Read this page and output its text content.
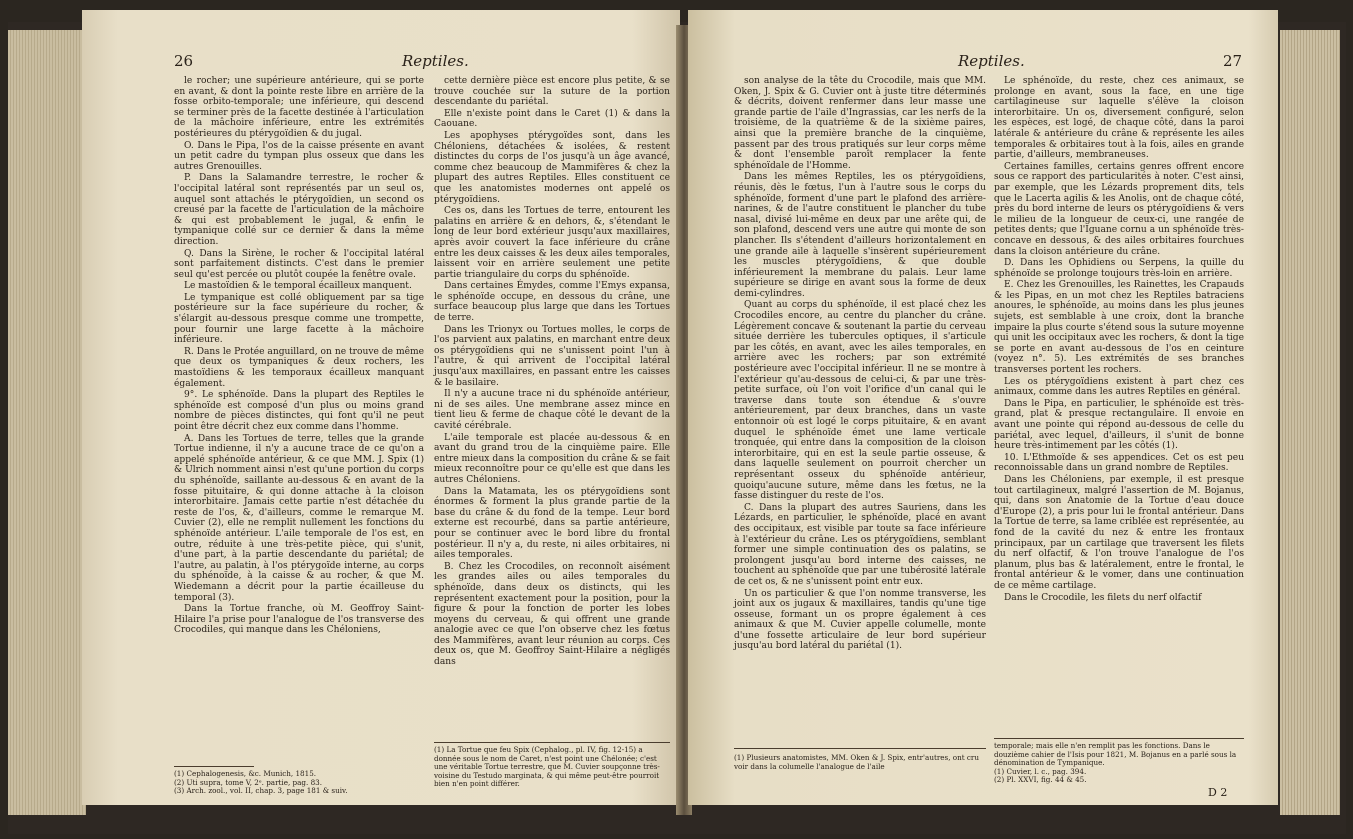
26	Reptiles.

le rocher; une supérieure antérieure, qui se porte en avant, & dont la pointe reste libre en arrière de la fosse orbito-temporale; une inférieure, qui descend se terminer près de la facette destinée à l'articulation de la mâchoire inférieure, entre les extrémités postérieures du ptérygoïdien & du jugal.

O. Dans le Pipa, l'os de la caisse présente en avant un petit cadre du tympan plus osseux que dans les autres Grenouilles.

P. Dans la Salamandre terrestre, le rocher & l'occipital latéral sont représentés par un seul os, auquel sont attachés le ptérygoïdien, un second os creusé par la facette de l'articulation de la mâchoire & qui est probablement le jugal, & enfin le tympanique collé sur ce dernier & dans la même direction.

Q. Dans la Sirène, le rocher & l'occipital latéral sont parfaitement distincts. C'est dans le premier seul qu'est percée ou plutôt coupée la fenêtre ovale.

Le mastoïdien & le temporal écailleux manquent.

Le tympanique est collé obliquement par sa tige postérieure sur la face supérieure du rocher, & s'élargit au-dessous presque comme une trompette, pour fournir une large facette à la mâchoire inférieure.

R. Dans le Protée anguillard, on ne trouve de même que deux os tympaniques & deux rochers, les mastoïdiens & les temporaux écailleux manquant également.

9°. Le sphénoïde. Dans la plupart des Reptiles le sphénoïde est composé d'un plus ou moins grand nombre de pièces distinctes, qui font qu'il ne peut point être décrit chez eux comme dans l'homme.

A. Dans les Tortues de terre, telles que la grande Tortue indienne, il n'y a aucune trace de ce qu'on a appelé sphénoïde antérieur, & ce que MM. J. Spix (1) & Ulrich nomment ainsi n'est qu'une portion du corps du sphénoïde, saillante au-dessous & en avant de la fosse pituitaire, & qui donne attache à la cloison interorbitaire. Jamais cette partie n'est détachée du reste de l'os, &, d'ailleurs, comme le remarque M. Cuvier (2), elle ne remplit nullement les fonctions du sphénoïde antérieur. L'aile temporale de l'os est, en outre, réduite à une très-petite pièce, qui s'unit, d'une part, à la partie descendante du pariétal; de l'autre, au palatin, à l'os ptérygoïde interne, au corps du sphénoïde, à la caisse & au rocher, & que M. Wiedemann a décrit pour la partie écailleuse du temporal (3).

Dans la Tortue franche, où M. Geoffroy Saint-Hilaire l'a prise pour l'analogue de l'os transverse des Crocodiles, qui manque dans les Chéloniens,

(1) Cephalogenesis, &c. Munich, 1815.

(2) Uti supra, tome V, 2ᵉ. partie, pag. 83.

(3) Arch. zool., vol. II, chap. 3, page 181 & suiv.

cette dernière pièce est encore plus petite, & se trouve couchée sur la suture de la portion descendante du pariétal.

Elle n'existe point dans le Caret (1) & dans la Caouane.

Les apophyses ptérygoïdes sont, dans les Chéloniens, détachées & isolées, & restent distinctes du corps de l'os jusqu'à un âge avancé, comme chez beaucoup de Mammifères & chez la plupart des autres Reptiles. Elles constituent ce que les anatomistes modernes ont appelé os ptérygoïdiens.

Ces os, dans les Tortues de terre, entourent les palatins en arrière & en dehors, &, s'étendant le long de leur bord extérieur jusqu'aux maxillaires, après avoir couvert la face inférieure du crâne entre les deux caisses & les deux ailes temporales, laissent voir en arrière seulement une petite partie triangulaire du corps du sphénoïde.

Dans certaines Émydes, comme l'Emys expansa, le sphénoïde occupe, en dessous du crâne, une surface beaucoup plus large que dans les Tortues de terre.

Dans les Trionyx ou Tortues molles, le corps de l'os parvient aux palatins, en marchant entre deux os ptérygoïdiens qui ne s'unissent point l'un à l'autre, & qui arrivent de l'occipital latéral jusqu'aux maxillaires, en passant entre les caisses & le basilaire.

Il n'y a aucune trace ni du sphénoïde antérieur, ni de ses ailes. Une membrane assez mince en tient lieu & ferme de chaque côté le devant de la cavité cérébrale.

L'aile temporale est placée au-dessous & en avant du grand trou de la cinquième paire. Elle entre mieux dans la composition du crâne & se fait mieux reconnoître pour ce qu'elle est que dans les autres Chéloniens.

Dans la Matamata, les os ptérygoïdiens sont énormes & forment la plus grande partie de la base du crâne & du fond de la tempe. Leur bord externe est recourbé, dans sa partie antérieure, pour se continuer avec le bord libre du frontal postérieur. Il n'y a, du reste, ni ailes orbitaires, ni ailes temporales.

B. Chez les Crocodiles, on reconnoît aisément les grandes ailes ou ailes temporales du sphénoïde, dans deux os distincts, qui les représentent exactement pour la position, pour la figure & pour la fonction de porter les lobes moyens du cerveau, & qui offrent une grande analogie avec ce que l'on observe chez les fœtus des Mammifères, avant leur réunion au corps. Ces deux os, que M. Geoffroy Saint-Hilaire a négligés dans

(1) La Tortue que feu Spix (Cephalog., pl. IV, fig. 12-15) a donnée sous le nom de Caret, n'est point une Chélonée; c'est une véritable Tortue terrestre, que M. Cuvier soupçonne très-voisine du Testudo marginata, & qui même peut-être pourroit bien n'en point différer.

Reptiles.	27

son analyse de la tête du Crocodile, mais que MM. Oken, J. Spix & G. Cuvier ont à juste titre déterminés & décrits, doivent renfermer dans leur masse une grande partie de l'aile d'Ingrassias, car les nerfs de la troisième, de la quatrième & de la sixième paires, ainsi que la première branche de la cinquième, passent par des trous pratiqués sur leur corps même & dont l'ensemble paroît remplacer la fente sphénoïdale de l'Homme.

Dans les mêmes Reptiles, les os ptérygoïdiens, réunis, dès le fœtus, l'un à l'autre sous le corps du sphénoïde, forment d'une part le plafond des arrière-narines, & de l'autre constituent le plancher du tube nasal, divisé lui-même en deux par une arête qui, de son plafond, descend vers une autre qui monte de son plancher. Ils s'étendent d'ailleurs horizontalement en une grande aile à laquelle s'insèrent supérieurement les muscles ptérygoïdiens, & que double inférieurement la membrane du palais. Leur lame supérieure se dirige en avant sous la forme de deux demi-cylindres.

Quant au corps du sphénoïde, il est placé chez les Crocodiles encore, au centre du plancher du crâne. Légèrement concave & soutenant la partie du cerveau située derrière les tubercules optiques, il s'articule par les côtés, en avant, avec les ailes temporales, en arrière avec les rochers; par son extrémité postérieure avec l'occipital inférieur. Il ne se montre à l'extérieur qu'au-dessous de celui-ci, & par une très-petite surface, où l'on voit l'orifice d'un canal qui le traverse dans toute son étendue & s'ouvre antérieurement, par deux branches, dans un vaste entonnoir où est logé le corps pituitaire, & en avant duquel le sphénoïde émet une lame verticale tronquée, qui entre dans la composition de la cloison interorbitaire, qui en est la seule partie osseuse, & dans laquelle seulement on pourroit chercher un représentant osseux du sphénoïde antérieur, quoiqu'aucune suture, même dans les fœtus, ne la fasse distinguer du reste de l'os.

C. Dans la plupart des autres Sauriens, dans les Lézards, en particulier, le sphénoïde, placé en avant des occipitaux, est visible par toute sa face inférieure à l'extérieur du crâne. Les os ptérygoïdiens, semblant former une simple continuation des os palatins, se prolongent jusqu'au bord interne des caisses, ne touchent au sphénoïde que par une tubérosité latérale de cet os, & ne s'unissent point entr eux.

Un os particulier & que l'on nomme transverse, les joint aux os jugaux & maxillaires, tandis qu'une tige osseuse, formant un os propre également à ces animaux & que M. Cuvier appelle columelle, monte d'une fossette articulaire de leur bord supérieur jusqu'au bord latéral du pariétal (1).

(1) Plusieurs anatomistes, MM. Oken & J. Spix, entr'autres, ont cru voir dans la columelle l'analogue de l'aile

Le sphénoïde, du reste, chez ces animaux, se prolonge en avant, sous la face, en une tige cartilagineuse sur laquelle s'élève la cloison interorbitaire. Un os, diversement configuré, selon les espèces, est logé, de chaque côté, dans la paroi latérale & antérieure du crâne & représente les ailes temporales & orbitaires tout à la fois, ailes en grande partie, d'ailleurs, membraneuses.

Certaines familles, certains genres offrent encore sous ce rapport des particularités à noter. C'est ainsi, par exemple, que les Lézards proprement dits, tels que le Lacerta agilis & les Anolis, ont de chaque côté, près du bord interne de leurs os ptérygoïdiens & vers le milieu de la longueur de ceux-ci, une rangée de petites dents; que l'Iguane cornu a un sphénoïde très-concave en dessous, & des ailes orbitaires fourchues dans la cloison antérieure du crâne.

D. Dans les Ophidiens ou Serpens, la quille du sphénoïde se prolonge toujours très-loin en arrière.

E. Chez les Grenouilles, les Rainettes, les Crapauds & les Pipas, en un mot chez les Reptiles batraciens anoures, le sphénoïde, au moins dans les plus jeunes sujets, est semblable à une croix, dont la branche impaire la plus courte s'étend sous la suture moyenne qui unit les occipitaux avec les rochers, & dont la tige se porte en avant au-dessous de l'os en ceinture (voyez n°. 5). Les extrémités de ses branches transverses portent les rochers.

Les os ptérygoïdiens existent à part chez ces animaux, comme dans les autres Reptiles en général.

Dans le Pipa, en particulier, le sphénoïde est très-grand, plat & presque rectangulaire. Il envoie en avant une pointe qui répond au-dessous de celle du pariétal, avec lequel, d'ailleurs, il s'unit de bonne heure très-intimement par les côtés (1).

10. L'Ethmoïde & ses appendices. Cet os est peu reconnoissable dans un grand nombre de Reptiles.

Dans les Chéloniens, par exemple, il est presque tout cartilagineux, malgré l'assertion de M. Bojanus, qui, dans son Anatomie de la Tortue d'eau douce d'Europe (2), a pris pour lui le frontal antérieur. Dans la Tortue de terre, sa lame criblée est représentée, au fond de la cavité du nez & entre les frontaux principaux, par un cartilage que traversent les filets du nerf olfactif, & l'on trouve l'analogue de l'os planum, plus bas & latéralement, entre le frontal, le frontal antérieur & le vomer, dans une continuation de ce même cartilage.

Dans le Crocodile, les filets du nerf olfactif

temporale; mais elle n'en remplit pas les fonctions. Dans le douzième cahier de l'Isis pour 1821, M. Bojanus en a parlé sous la dénomination de Tympanique.

(1) Cuvier, l. c., pag. 394.

(2) Pl. XXVI, fig. 44 & 45.

D 2
